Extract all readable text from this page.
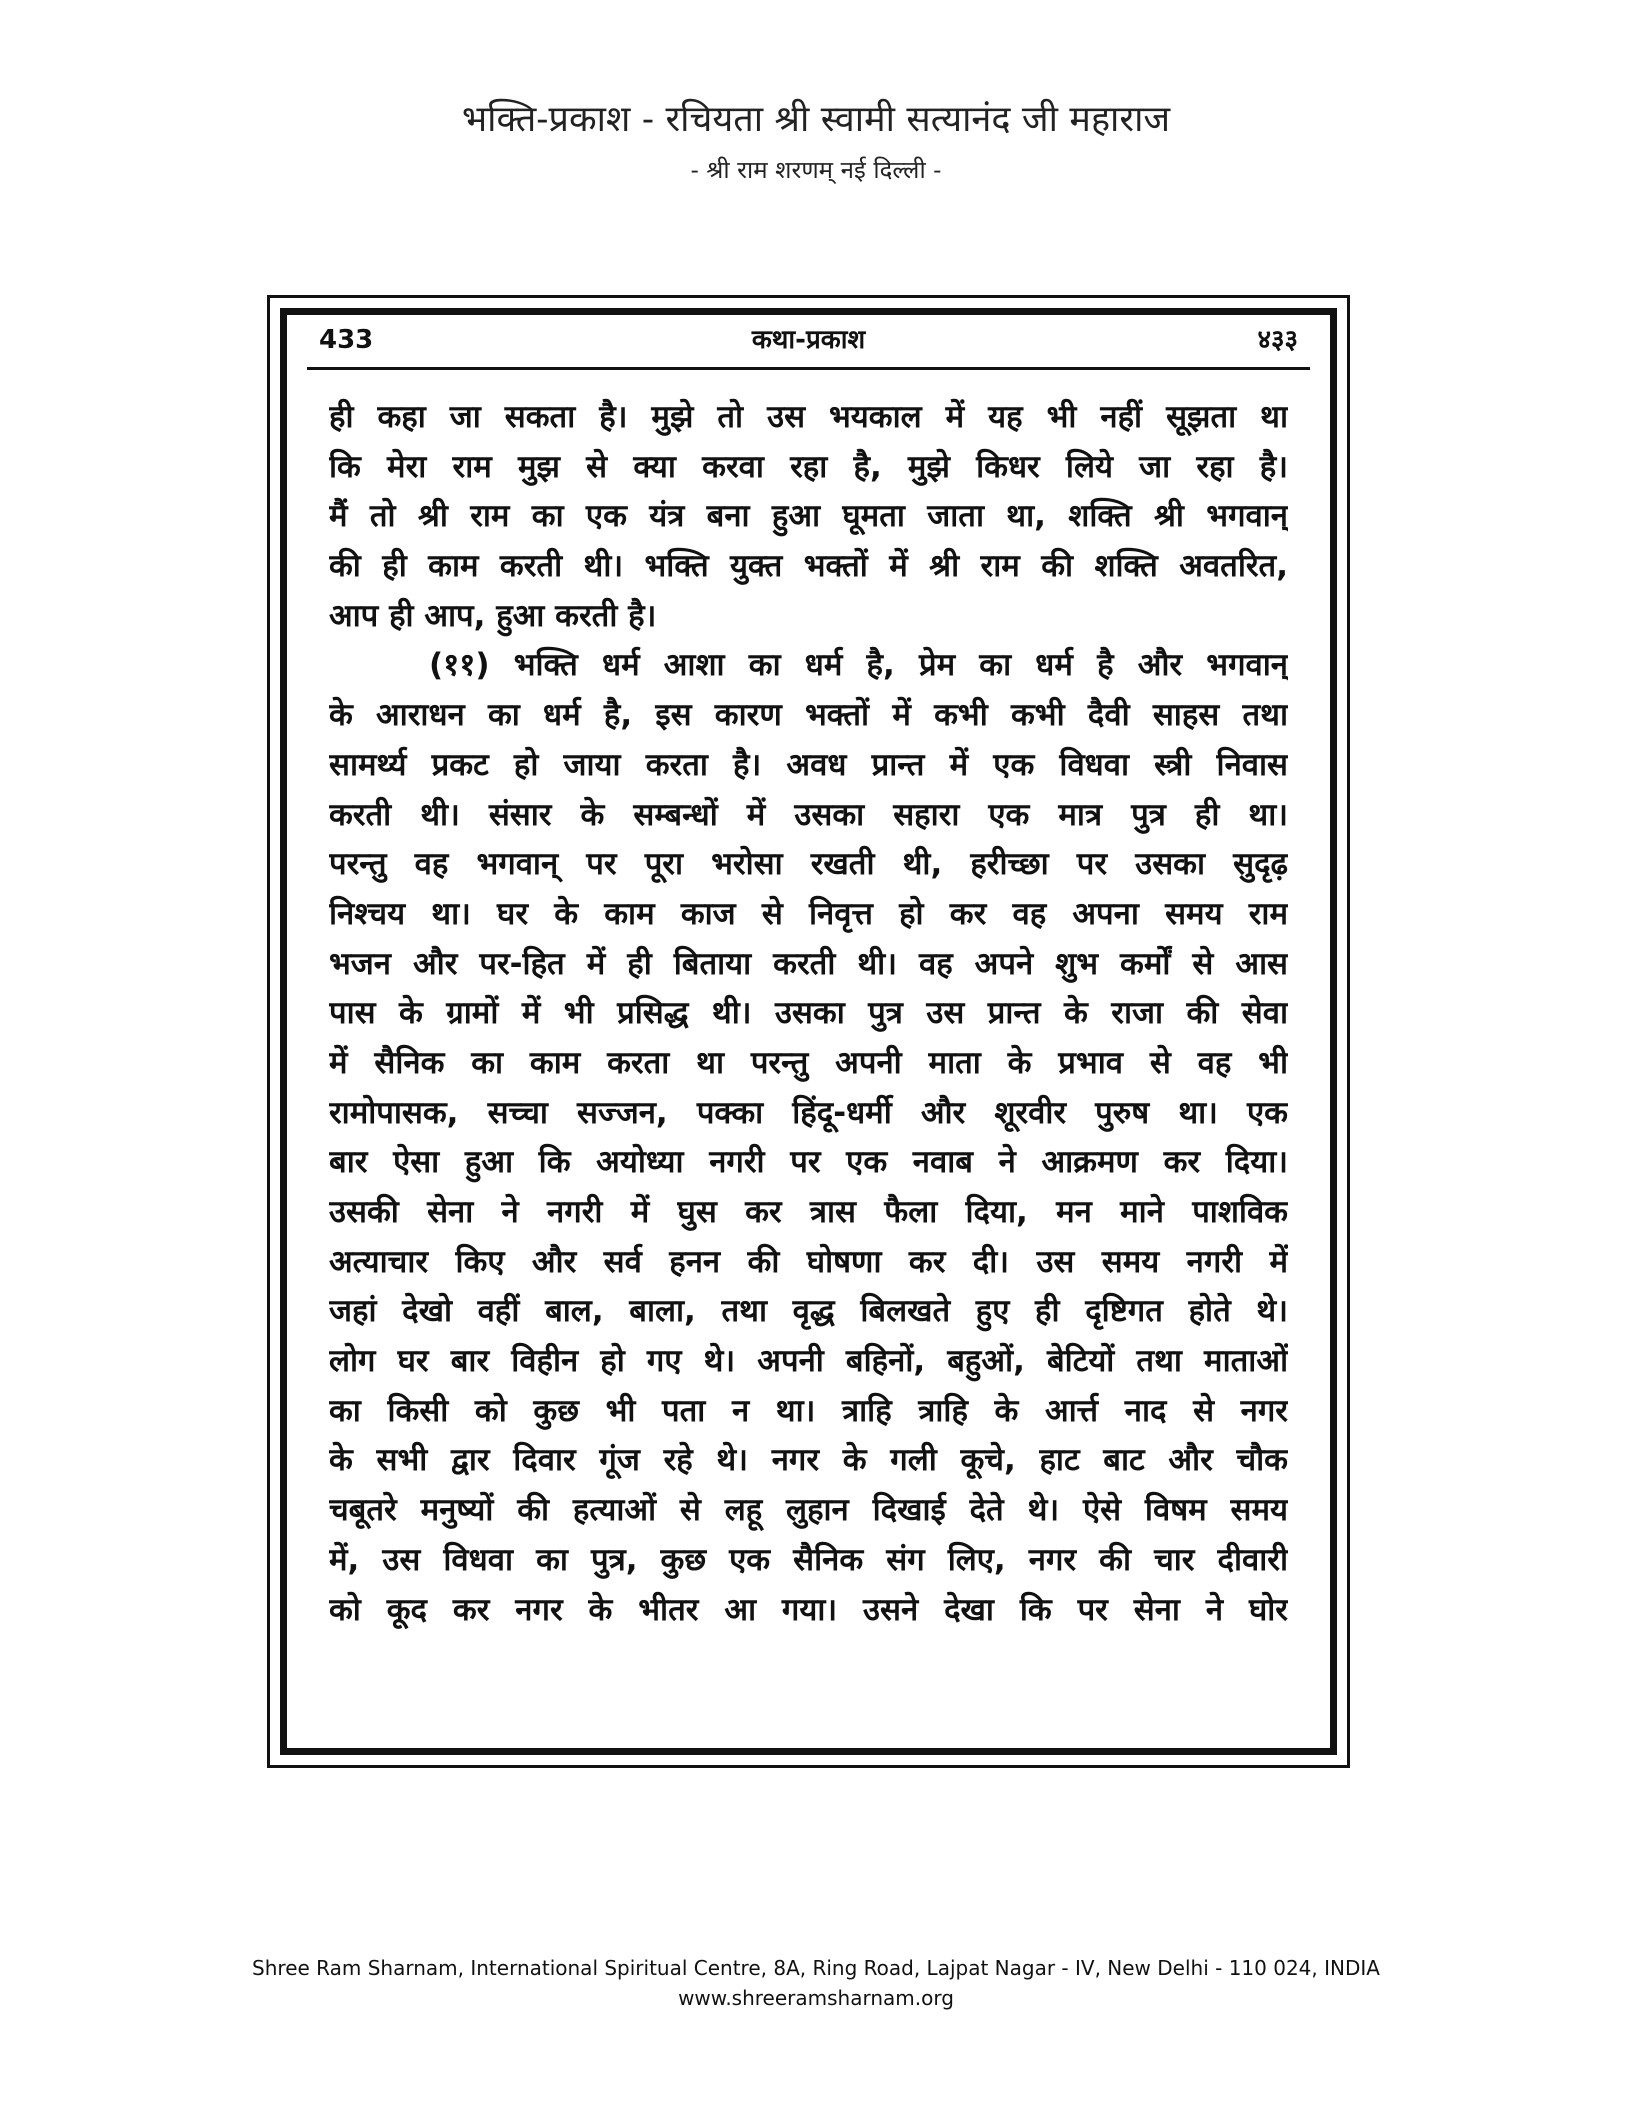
भक्ति-प्रकाश - रचियता श्री स्वामी सत्यानंद जी महाराज
- श्री राम शरणम् नई दिल्ली -
433	कथा-प्रकाश	४३३
ही कहा जा सकता है। मुझे तो उस भयकाल में यह भी नहीं सूझता था
कि मेरा राम मुझ से क्या करवा रहा है, मुझे किधर लिये जा रहा है।
मैं तो श्री राम का एक यंत्र बना हुआ घूमता जाता था, शक्ति श्री भगवान्
की ही काम करती थी। भक्ति युक्त भक्तों में श्री राम की शक्ति अवतरित,
आप ही आप, हुआ करती है।
(११) भक्ति धर्म आशा का धर्म है, प्रेम का धर्म है और भगवान्
के आराधन का धर्म है, इस कारण भक्तों में कभी कभी दैवी साहस तथा
सामर्थ्य प्रकट हो जाया करता है। अवध प्रान्त में एक विधवा स्त्री निवास
करती थी। संसार के सम्बन्धों में उसका सहारा एक मात्र पुत्र ही था।
परन्तु वह भगवान् पर पूरा भरोसा रखती थी, हरीच्छा पर उसका सुदृढ़
निश्चय था। घर के काम काज से निवृत्त हो कर वह अपना समय राम
भजन और पर-हित में ही बिताया करती थी। वह अपने शुभ कर्मों से आस
पास के ग्रामों में भी प्रसिद्ध थी। उसका पुत्र उस प्रान्त के राजा की सेवा
में सैनिक का काम करता था परन्तु अपनी माता के प्रभाव से वह भी
रामोपासक, सच्चा सज्जन, पक्का हिंदू-धर्मी और शूरवीर पुरुष था। एक
बार ऐसा हुआ कि अयोध्या नगरी पर एक नवाब ने आक्रमण कर दिया।
उसकी सेना ने नगरी में घुस कर त्रास फैला दिया, मन माने पाशविक
अत्याचार किए और सर्व हनन की घोषणा कर दी। उस समय नगरी में
जहां देखो वहीं बाल, बाला, तथा वृद्ध बिलखते हुए ही दृष्टिगत होते थे।
लोग घर बार विहीन हो गए थे। अपनी बहिनों, बहुओं, बेटियों तथा माताओं
का किसी को कुछ भी पता न था। त्राहि त्राहि के आर्त्त नाद से नगर
के सभी द्वार दिवार गूंज रहे थे। नगर के गली कूचे, हाट बाट और चौक
चबूतरे मनुष्यों की हत्याओं से लहू लुहान दिखाई देते थे। ऐसे विषम समय
में, उस विधवा का पुत्र, कुछ एक सैनिक संग लिए, नगर की चार दीवारी
को कूद कर नगर के भीतर आ गया। उसने देखा कि पर सेना ने घोर
Shree Ram Sharnam, International Spiritual Centre, 8A, Ring Road, Lajpat Nagar - IV, New Delhi - 110 024, INDIA
www.shreeramsharnam.org
